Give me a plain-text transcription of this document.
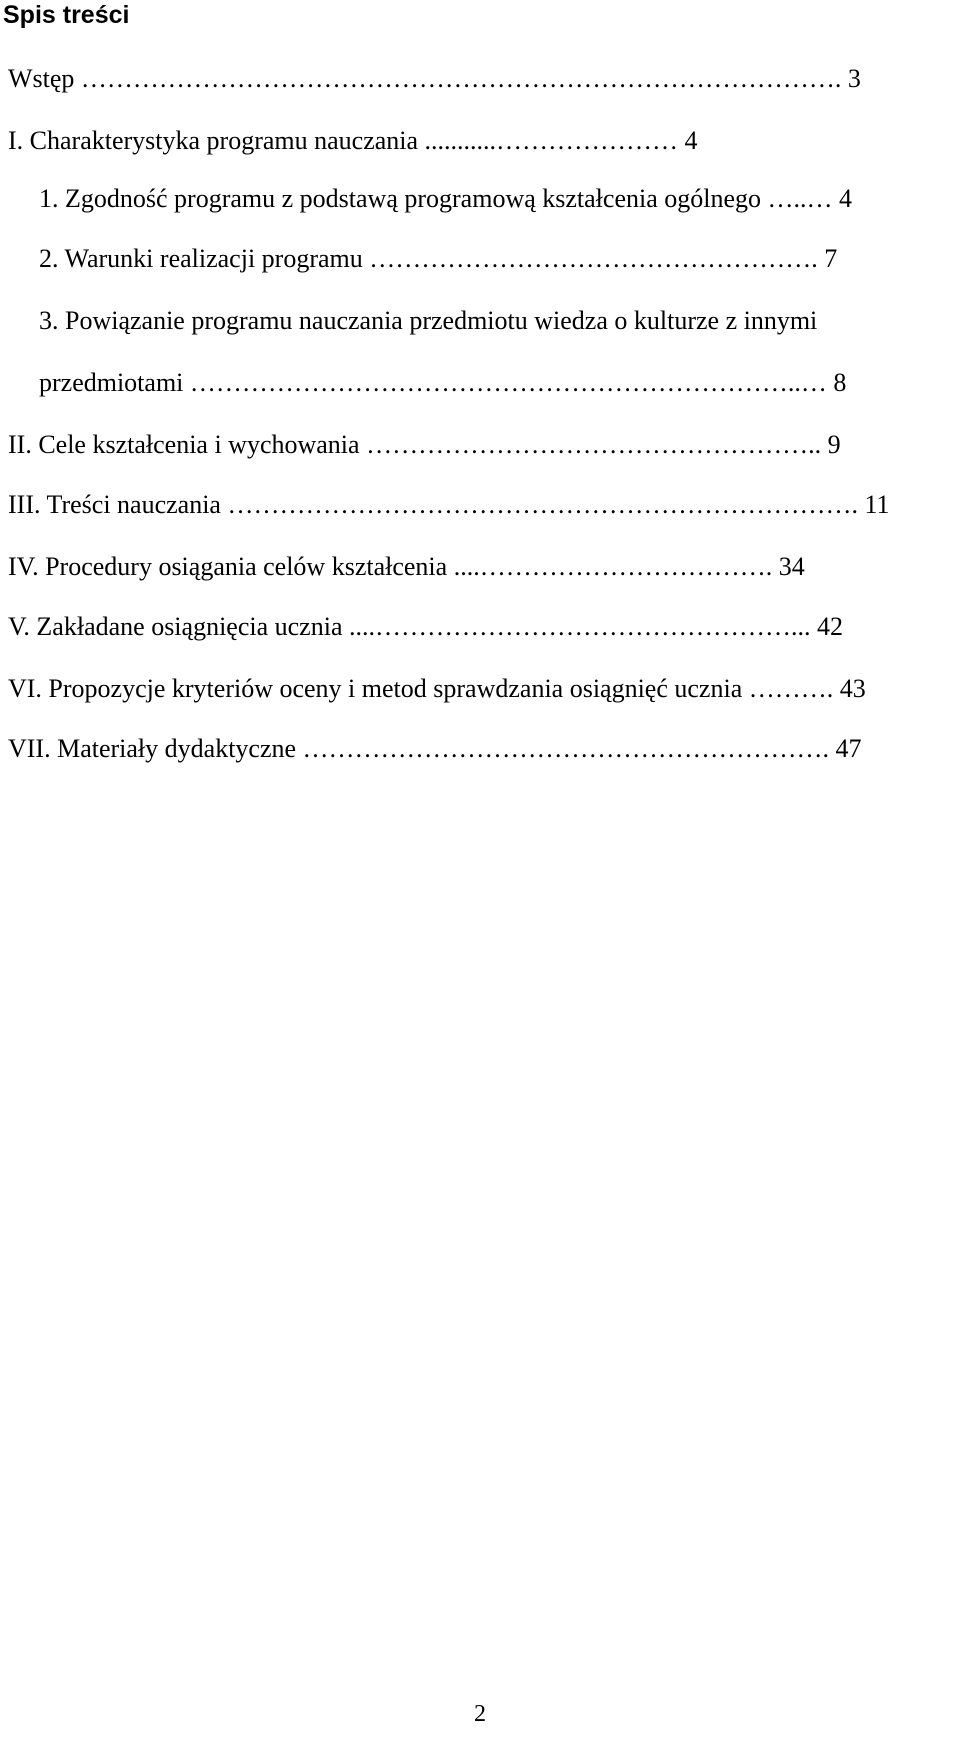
Spis treści
Wstęp ……………………………………………………………………………. 3
I. Charakterystyka programu nauczania ...........………………… 4
1. Zgodność programu z podstawą programową kształcenia ogólnego …..… 4
2. Warunki realizacji programu ……………………………………………. 7
3. Powiązanie programu nauczania przedmiotu wiedza o kulturze z innymi
przedmiotami ……………………………………………………………..… 8
II. Cele kształcenia i wychowania …………………………………………….. 9
III. Treści nauczania ………………………………………………………………. 11
IV. Procedury osiągania celów kształcenia ....……………………………. 34
V. Zakładane osiągnięcia ucznia ....…………………………………………... 42
VI. Propozycje kryteriów oceny i metod sprawdzania osiągnięć ucznia ………. 43
VII. Materiały dydaktyczne ……………………………………………………. 47
2
